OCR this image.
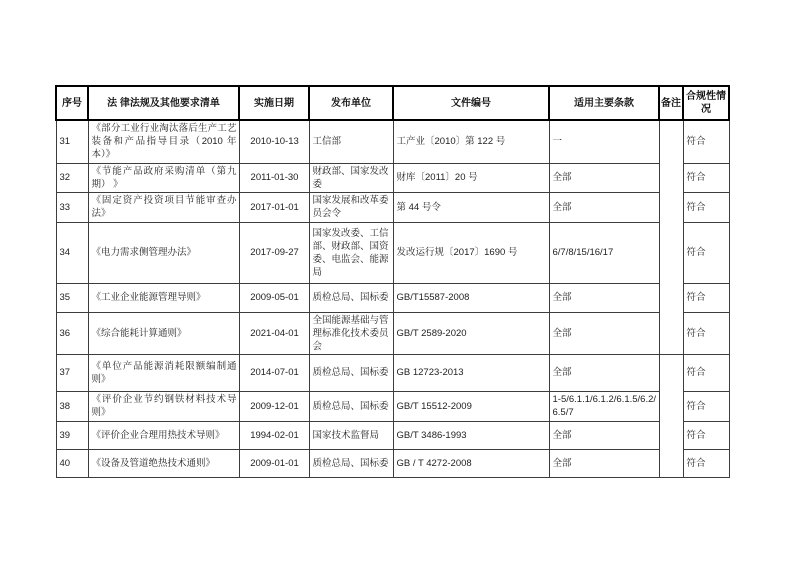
序号	法 律法规及其他要求清单	实施日期	发布单位	文件编号	适用主要条款	备注	合规性情况
31	《部分工业行业淘汰落后生产工艺装备和产品指导目录（2010 年本）》	2010-10-13	工信部	工产业〔2010〕第 122 号	一		符合
32	《节能产品政府采购清单（第九期） 》	2011-01-30	财政部、国家发改委	财库〔2011〕20 号	全部		符合
33	《固定资产投资项目节能审查办法》	2017-01-01	国家发展和改革委员会令	第 44 号令	全部		符合
34	《电力需求侧管理办法》	2017-09-27	国家发改委、工信部、财政部、国资委、电监会、能源局	发改运行规〔2017〕1690 号	6/7/8/15/16/17		符合
35	《工业企业能源管理导则》	2009-05-01	质检总局、国标委	GB/T15587-2008	全部		符合
36	《综合能耗计算通则》	2021-04-01	全国能源基础与管理标准化技术委员会	GB/T 2589-2020	全部		符合
37	《单位产品能源消耗限额编制通则》	2014-07-01	质检总局、国标委	GB 12723-2013	全部		符合
38	《评价企业节约钢铁材料技术导则》	2009-12-01	质检总局、国标委	GB/T 15512-2009	1-5/6.1.1/6.1.2/6.1.5/6.2/6.5/7		符合
39	《评价企业合理用热技术导则》	1994-02-01	国家技术监督局	GB/T 3486-1993	全部		符合
40	《设备及管道绝热技术通则》	2009-01-01	质检总局、国标委	GB / T 4272-2008	全部		符合
